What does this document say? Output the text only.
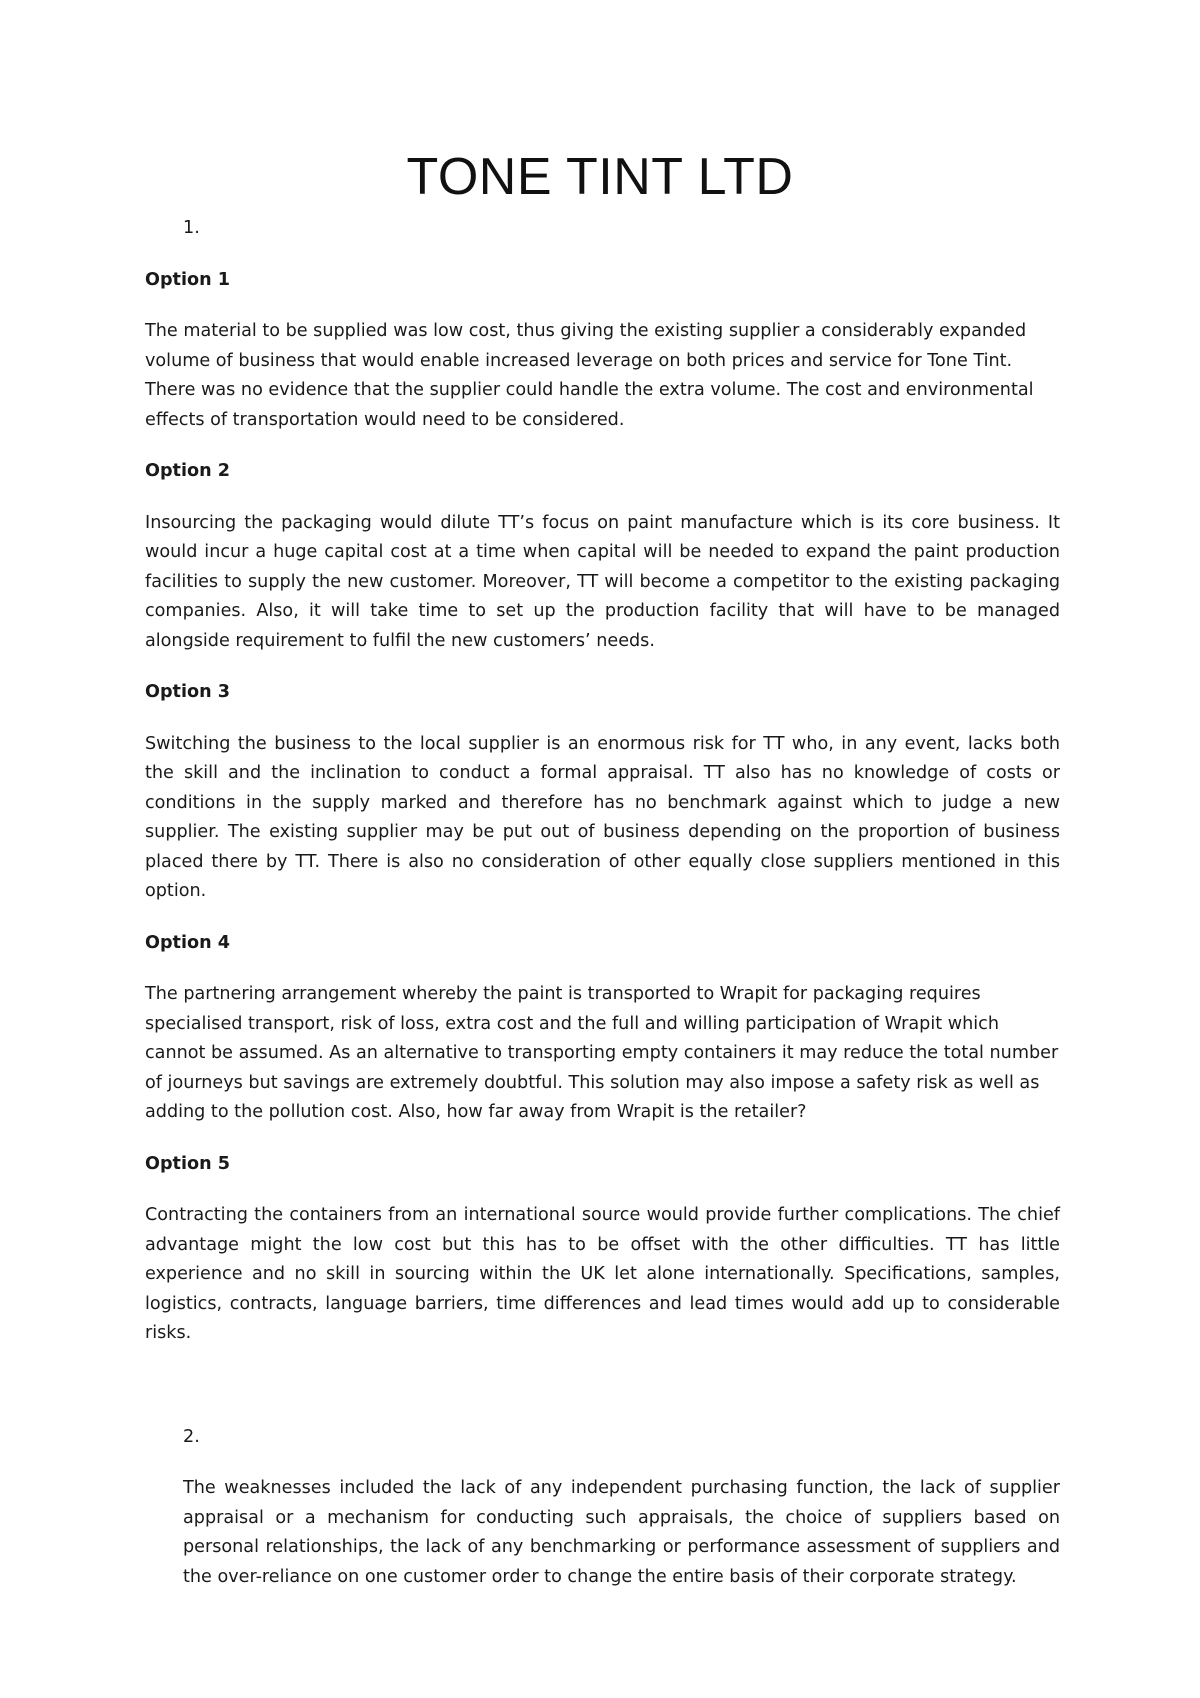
TONE TINT LTD

1.

Option 1

The material to be supplied was low cost, thus giving the existing supplier a considerably expanded volume of business that would enable increased leverage on both prices and service for Tone Tint. There was no evidence that the supplier could handle the extra volume. The cost and environmental effects of transportation would need to be considered.

Option 2

Insourcing the packaging would dilute TT’s focus on paint manufacture which is its core business. It would incur a huge capital cost at a time when capital will be needed to expand the paint production facilities to supply the new customer. Moreover, TT will become a competitor to the existing packaging companies. Also, it will take time to set up the production facility that will have to be managed alongside requirement to fulfil the new customers’ needs.

Option 3

Switching the business to the local supplier is an enormous risk for TT who, in any event, lacks both the skill and the inclination to conduct a formal appraisal. TT also has no knowledge of costs or conditions in the supply marked and therefore has no benchmark against which to judge a new supplier. The existing supplier may be put out of business depending on the proportion of business placed there by TT. There is also no consideration of other equally close suppliers mentioned in this option.

Option 4

The partnering arrangement whereby the paint is transported to Wrapit for packaging requires specialised transport, risk of loss, extra cost and the full and willing participation of Wrapit which cannot be assumed. As an alternative to transporting empty containers it may reduce the total number of journeys but savings are extremely doubtful. This solution may also impose a safety risk as well as adding to the pollution cost. Also, how far away from Wrapit is the retailer?

Option 5

Contracting the containers from an international source would provide further complications. The chief advantage might the low cost but this has to be offset with the other difficulties. TT has little experience and no skill in sourcing within the UK let alone internationally. Specifications, samples, logistics, contracts, language barriers, time differences and lead times would add up to considerable risks.

2.

The weaknesses included the lack of any independent purchasing function, the lack of supplier appraisal or a mechanism for conducting such appraisals, the choice of suppliers based on personal relationships, the lack of any benchmarking or performance assessment of suppliers and the over-reliance on one customer order to change the entire basis of their corporate strategy.
